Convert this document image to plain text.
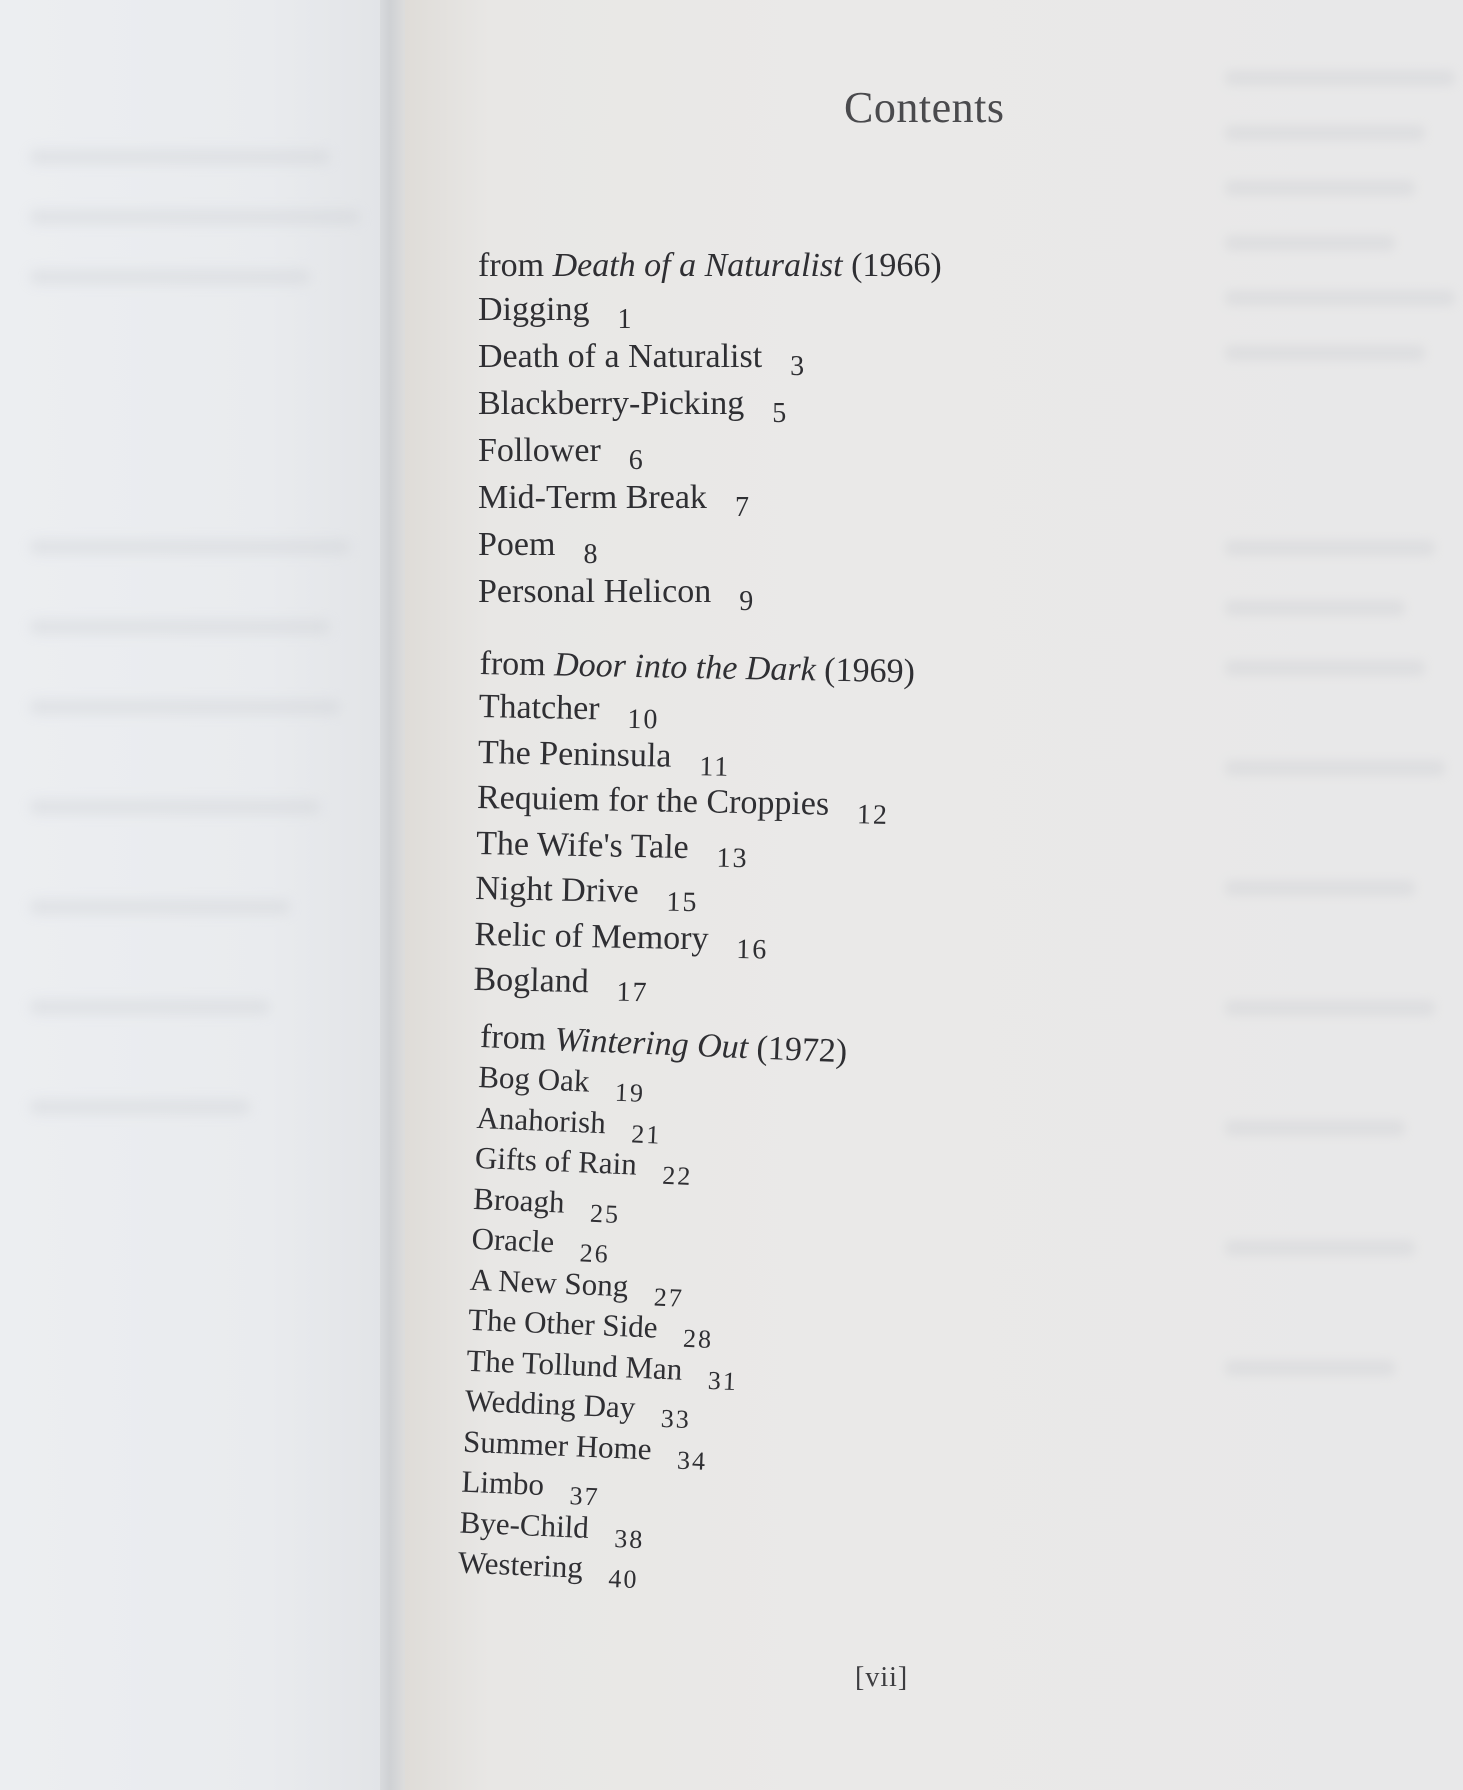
Contents
from Death of a Naturalist (1966)
Digging $_1$
Death of a Naturalist $_3$
Blackberry-Picking $_5$
Follower $_6$
Mid-Term Break $_7$
Poem $_8$
Personal Helicon $_9$
from Door into the Dark (1969)
Thatcher $_{10}$
The Peninsula $_{11}$
Requiem for the Croppies $_{12}$
The Wife's Tale $_{13}$
Night Drive $_{15}$
Relic of Memory $_{16}$
Bogland $_{17}$
from Wintering Out (1972)
Bog Oak $_{19}$
Anahorish $_{21}$
Gifts of Rain $_{22}$
Broagh $_{25}$
Oracle $_{26}$
A New Song $_{27}$
The Other Side $_{28}$
The Tollund Man $_{31}$
Wedding Day $_{33}$
Summer Home $_{34}$
Limbo $_{37}$
Bye-Child $_{38}$
Westering $_{40}$
[vii]
